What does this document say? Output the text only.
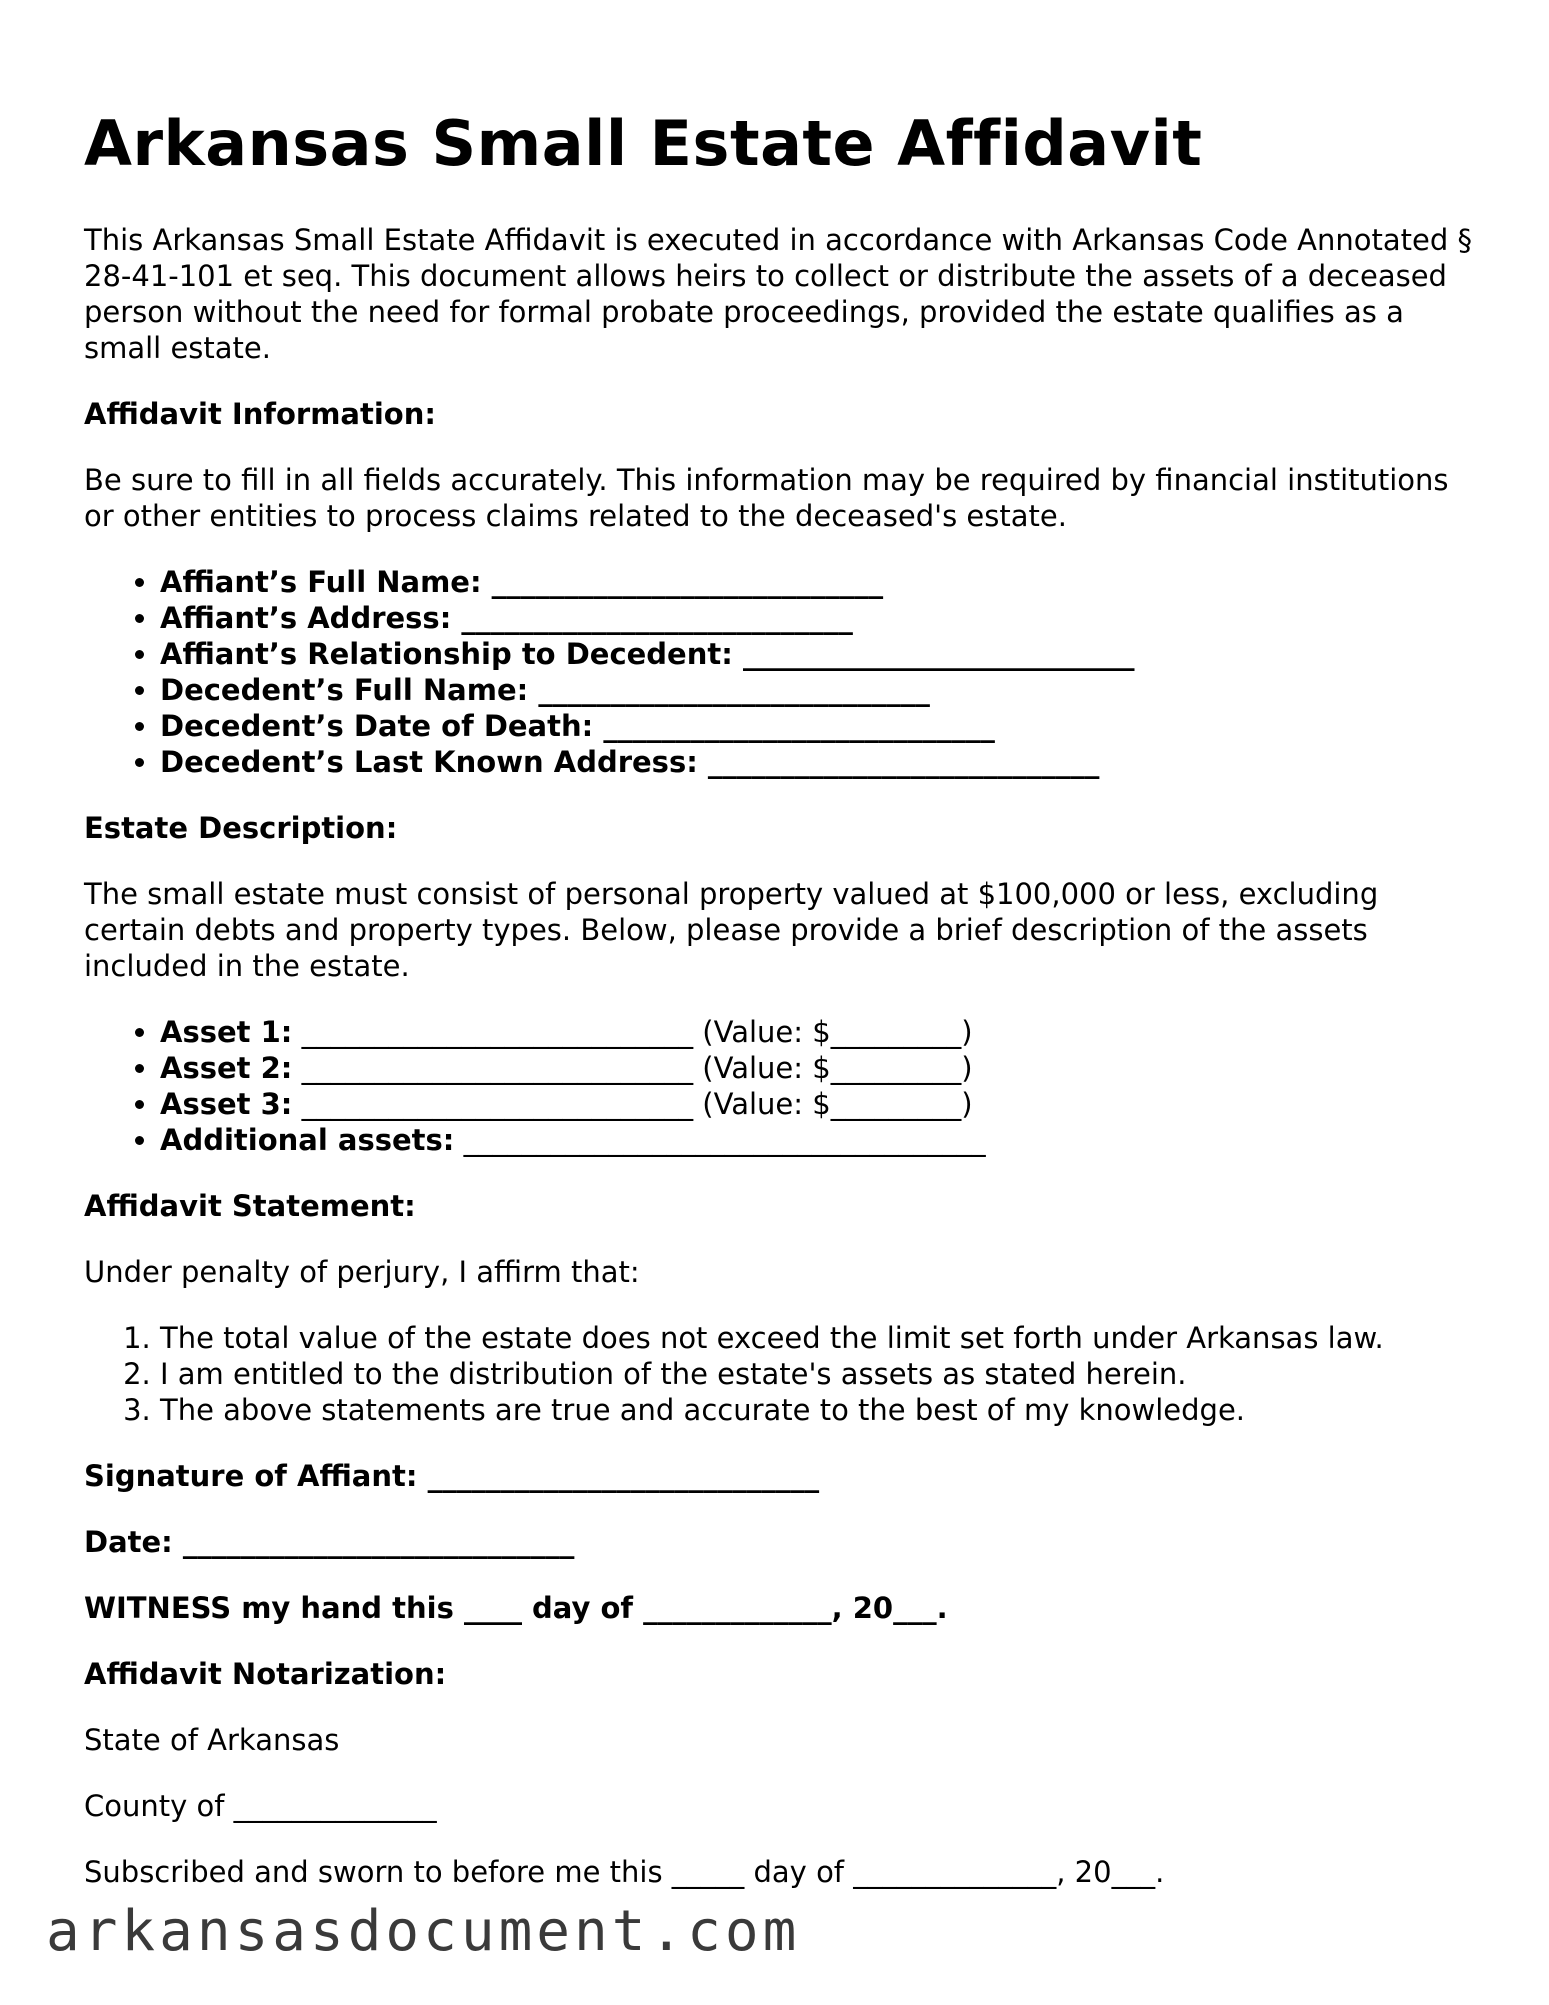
Arkansas Small Estate Affidavit

This Arkansas Small Estate Affidavit is executed in accordance with Arkansas Code Annotated § 28-41-101 et seq. This document allows heirs to collect or distribute the assets of a deceased person without the need for formal probate proceedings, provided the estate qualifies as a small estate.

Affidavit Information:

Be sure to fill in all fields accurately. This information may be required by financial institutions or other entities to process claims related to the deceased's estate.

• Affiant’s Full Name: ___________________________
• Affiant’s Address: ___________________________
• Affiant’s Relationship to Decedent: ___________________________
• Decedent’s Full Name: ___________________________
• Decedent’s Date of Death: ___________________________
• Decedent’s Last Known Address: ___________________________
Estate Description:

The small estate must consist of personal property valued at $100,000 or less, excluding certain debts and property types. Below, please provide a brief description of the assets included in the estate.

• Asset 1: ___________________________ (Value: $_________)
• Asset 2: ___________________________ (Value: $_________)
• Asset 3: ___________________________ (Value: $_________)
• Additional assets: ____________________________________
Affidavit Statement:

Under penalty of perjury, I affirm that:

1. The total value of the estate does not exceed the limit set forth under Arkansas law.
2. I am entitled to the distribution of the estate's assets as stated herein.
3. The above statements are true and accurate to the best of my knowledge.
Signature of Affiant: ___________________________
Date: ___________________________
WITNESS my hand this ____ day of _____________, 20___.
Affidavit Notarization:

State of Arkansas

County of ______________

Subscribed and sworn to before me this _____ day of ______________, 20___.

arkansasdocument.com
